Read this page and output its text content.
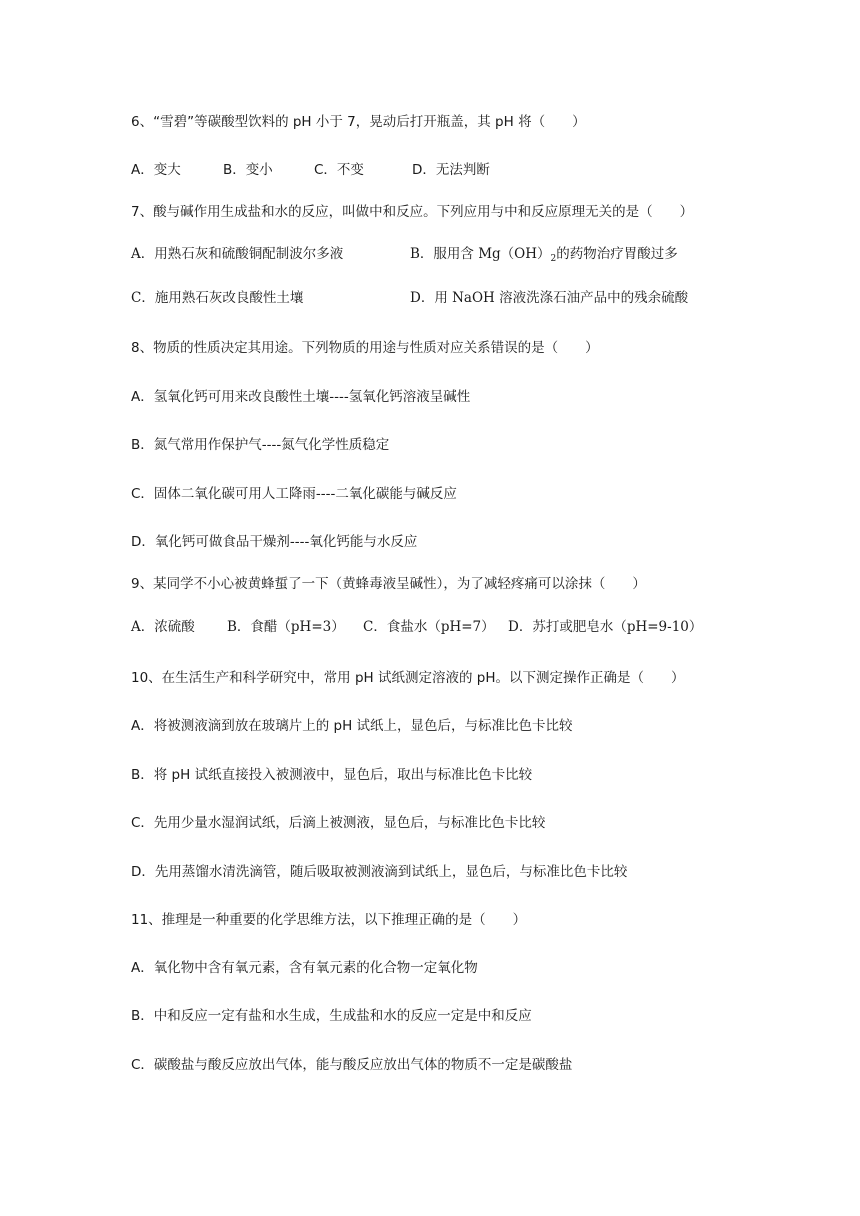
6、“雪碧”等碳酸型饮料的 pH 小于 7，晃动后打开瓶盖，其 pH 将（　　）
A．变大	B．变小	C．不变	D．无法判断
7、酸与碱作用生成盐和水的反应，叫做中和反应。下列应用与中和反应原理无关的是（　　）
A．用熟石灰和硫酸铜配制波尔多液	B．服用含 $Mg(OH)_2$的药物治疗胃酸过多
C．施用熟石灰改良酸性土壤	D．用 NaOH 溶液洗涤石油产品中的残余硫酸
8、物质的性质决定其用途。下列物质的用途与性质对应关系错误的是（　　）
A．氢氧化钙可用来改良酸性土壤----氢氧化钙溶液呈碱性
B．氮气常用作保护气----氮气化学性质稳定
C．固体二氧化碳可用人工降雨----二氧化碳能与碱反应
D．氧化钙可做食品干燥剂----氧化钙能与水反应
9、某同学不小心被黄蜂蜇了一下（黄蜂毒液呈碱性），为了减轻疼痛可以涂抹（　　）
A．浓硫酸 B．食醋（pH=3） C．食盐水（pH=7） D．苏打或肥皂水（pH=9-10）
10、在生活生产和科学研究中，常用 pH 试纸测定溶液的 pH。以下测定操作正确是（　　）
A．将被测液滴到放在玻璃片上的 pH 试纸上，显色后，与标准比色卡比较
B．将 pH 试纸直接投入被测液中，显色后，取出与标准比色卡比较
C．先用少量水湿润试纸，后滴上被测液，显色后，与标准比色卡比较
D．先用蒸馏水清洗滴管，随后吸取被测液滴到试纸上，显色后，与标准比色卡比较
11、推理是一种重要的化学思维方法，以下推理正确的是（　　）
A．氧化物中含有氧元素，含有氧元素的化合物一定氧化物
B．中和反应一定有盐和水生成，生成盐和水的反应一定是中和反应
C．碳酸盐与酸反应放出气体，能与酸反应放出气体的物质不一定是碳酸盐
